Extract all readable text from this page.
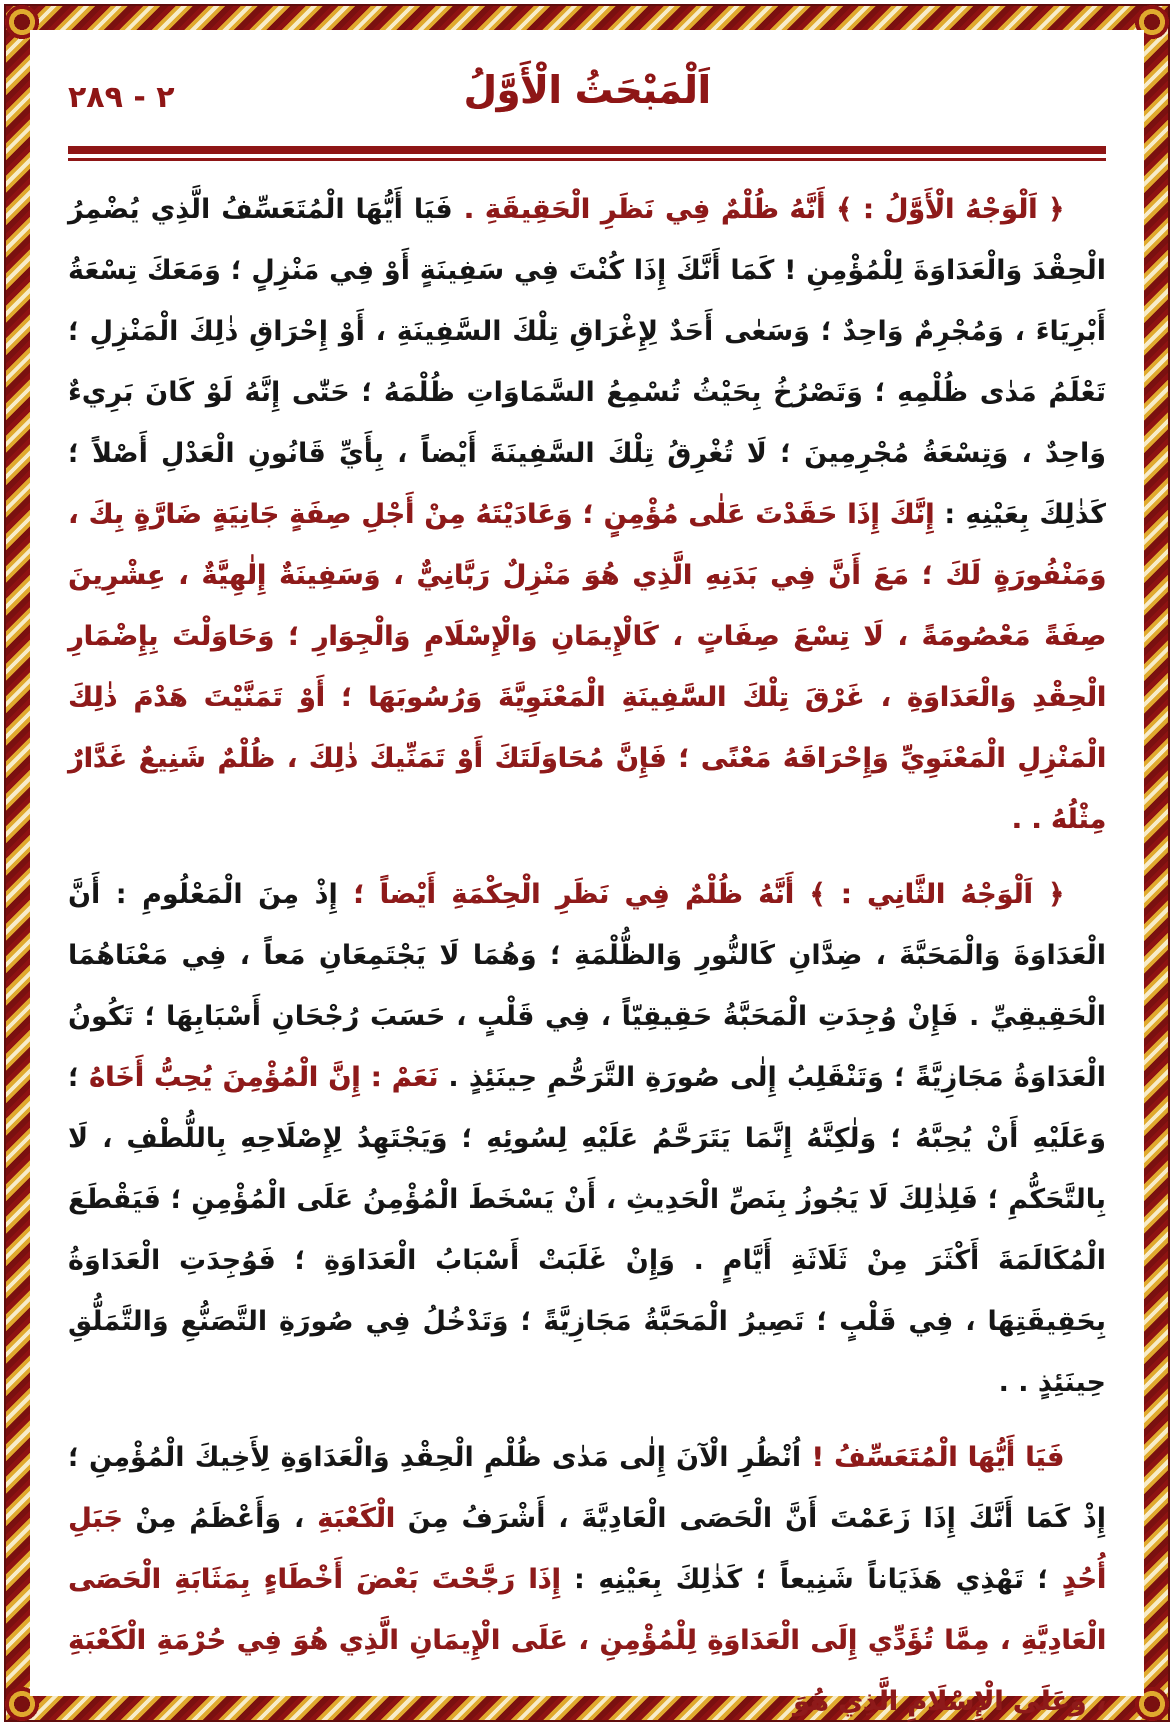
٢ - ٢٨٩	اَلْمَبْحَثُ الْأَوَّلُ

﴿ اَلْوَجْهُ الْأَوَّلُ : ﴾ أَنَّهُ ظُلْمٌ فِي نَظَرِ الْحَقِيقَةِ . فَيَا أَيُّهَا الْمُتَعَسِّفُ الَّذِي يُضْمِرُ الْحِقْدَ وَالْعَدَاوَةَ لِلْمُؤْمِنِ ! كَمَا أَنَّكَ إِذَا كُنْتَ فِي سَفِينَةٍ أَوْ فِي مَنْزِلٍ ؛ وَمَعَكَ تِسْعَةُ أَبْرِيَاءَ ، وَمُجْرِمٌ وَاحِدٌ ؛ وَسَعٰى أَحَدٌ لِإِغْرَاقِ تِلْكَ السَّفِينَةِ ، أَوْ إِحْرَاقِ ذٰلِكَ الْمَنْزِلِ ؛ تَعْلَمُ مَدٰى ظُلْمِهِ ؛ وَتَصْرُخُ بِحَيْثُ تُسْمِعُ السَّمَاوَاتِ ظُلْمَهُ ؛ حَتّٰى إِنَّهُ لَوْ كَانَ بَرِيءٌ وَاحِدٌ ، وَتِسْعَةُ مُجْرِمِينَ ؛ لَا تُغْرِقُ تِلْكَ السَّفِينَةَ أَيْضاً ، بِأَيِّ قَانُونِ الْعَدْلِ أَصْلاً ؛ كَذٰلِكَ بِعَيْنِهِ : إِنَّكَ إِذَا حَقَدْتَ عَلٰى مُؤْمِنٍ ؛ وَعَادَيْتَهُ مِنْ أَجْلِ صِفَةٍ جَانِيَةٍ ضَارَّةٍ بِكَ ، وَمَنْفُورَةٍ لَكَ ؛ مَعَ أَنَّ فِي بَدَنِهِ الَّذِي هُوَ مَنْزِلٌ رَبَّانِيٌّ ، وَسَفِينَةٌ إِلٰهِيَّةٌ ، عِشْرِينَ صِفَةً مَعْصُومَةً ، لَا تِسْعَ صِفَاتٍ ، كَالْإِيمَانِ وَالْإِسْلَامِ وَالْجِوَارِ ؛ وَحَاوَلْتَ بِإِضْمَارِ الْحِقْدِ وَالْعَدَاوَةِ ، غَرْقَ تِلْكَ السَّفِينَةِ الْمَعْنَوِيَّةَ وَرُسُوبَهَا ؛ أَوْ تَمَنَّيْتَ هَدْمَ ذٰلِكَ الْمَنْزِلِ الْمَعْنَوِيِّ وَإِحْرَاقَهُ مَعْنًى ؛ فَإِنَّ مُحَاوَلَتَكَ أَوْ تَمَنِّيكَ ذٰلِكَ ، ظُلْمٌ شَنِيعٌ غَدَّارٌ مِثْلُهُ . .

﴿ اَلْوَجْهُ الثَّانِي : ﴾ أَنَّهُ ظُلْمٌ فِي نَظَرِ الْحِكْمَةِ أَيْضاً ؛ إِذْ مِنَ الْمَعْلُومِ : أَنَّ الْعَدَاوَةَ وَالْمَحَبَّةَ ، ضِدَّانِ كَالنُّورِ وَالظُّلْمَةِ ؛ وَهُمَا لَا يَجْتَمِعَانِ مَعاً ، فِي مَعْنَاهُمَا الْحَقِيقِيِّ . فَإِنْ وُجِدَتِ الْمَحَبَّةُ حَقِيقِيّاً ، فِي قَلْبٍ ، حَسَبَ رُجْحَانِ أَسْبَابِهَا ؛ تَكُونُ الْعَدَاوَةُ مَجَازِيَّةً ؛ وَتَنْقَلِبُ إِلٰى صُورَةِ التَّرَحُّمِ حِينَئِذٍ . نَعَمْ : إِنَّ الْمُؤْمِنَ يُحِبُّ أَخَاهُ ؛ وَعَلَيْهِ أَنْ يُحِبَّهُ ؛ وَلٰكِنَّهُ إِنَّمَا يَتَرَحَّمُ عَلَيْهِ لِسُوئِهِ ؛ وَيَجْتَهِدُ لِإِصْلَاحِهِ بِاللُّطْفِ ، لَا بِالتَّحَكُّمِ ؛ فَلِذٰلِكَ لَا يَجُوزُ بِنَصِّ الْحَدِيثِ ، أَنْ يَسْخَطَ الْمُؤْمِنُ عَلَى الْمُؤْمِنِ ؛ فَيَقْطَعَ الْمُكَالَمَةَ أَكْثَرَ مِنْ ثَلَاثَةِ أَيَّامٍ . وَإِنْ غَلَبَتْ أَسْبَابُ الْعَدَاوَةِ ؛ فَوُجِدَتِ الْعَدَاوَةُ بِحَقِيقَتِهَا ، فِي قَلْبٍ ؛ تَصِيرُ الْمَحَبَّةُ مَجَازِيَّةً ؛ وَتَدْخُلُ فِي صُورَةِ التَّصَنُّعِ وَالتَّمَلُّقِ حِينَئِذٍ . .

فَيَا أَيُّهَا الْمُتَعَسِّفُ ! اُنْظُرِ الْآنَ إِلٰى مَدٰى ظُلْمِ الْحِقْدِ وَالْعَدَاوَةِ لِأَخِيكَ الْمُؤْمِنِ ؛ إِذْ كَمَا أَنَّكَ إِذَا زَعَمْتَ أَنَّ الْحَصَى الْعَادِيَّةَ ، أَشْرَفُ مِنَ الْكَعْبَةِ ، وَأَعْظَمُ مِنْ جَبَلِ أُحُدٍ ؛ تَهْذِي هَذَيَاناً شَنِيعاً ؛ كَذٰلِكَ بِعَيْنِهِ : إِذَا رَجَّحْتَ بَعْضَ أَخْطَاءٍ بِمَثَابَةِ الْحَصَى الْعَادِيَّةِ ، مِمَّا تُؤَدِّي إِلَى الْعَدَاوَةِ لِلْمُؤْمِنِ ، عَلَى الْإِيمَانِ الَّذِي هُوَ فِي حُرْمَةِ الْكَعْبَةِ ، وَعَلَى الْإِسْلَامِ الَّذِي هُوَ
